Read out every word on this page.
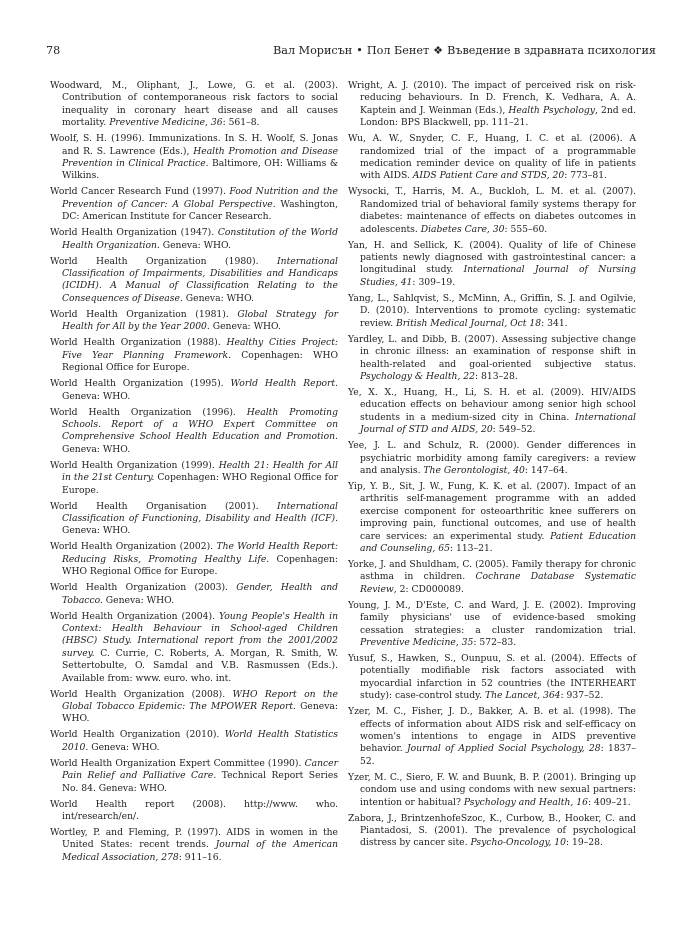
78	Вал Морисън • Пол Бенет ❖ Въведение в здравната психология

Woodward, M., Oliphant, J., Lowe, G. et al. (2003). Contribution of contemporaneous risk factors to social inequality in coronary heart disease and all causes mortality. Preventive Medicine, 36: 561–8.

Woolf, S. H. (1996). Immunizations. In S. H. Woolf, S. Jonas and R. S. Lawrence (Eds.), Health Promotion and Disease Prevention in Clinical Practice. Baltimore, OH: Williams & Wilkins.

World Cancer Research Fund (1997). Food Nutrition and the Prevention of Cancer: A Global Perspective. Washington, DC: American Institute for Cancer Research.

World Health Organization (1947). Constitution of the World Health Organization. Geneva: WHO.

World Health Organization (1980). International Classification of Impairments, Disabilities and Handicaps (ICIDH). A Manual of Classification Relating to the Consequences of Disease. Geneva: WHO.

World Health Organization (1981). Global Strategy for Health for All by the Year 2000. Geneva: WHO.

World Health Organization (1988). Healthy Cities Project: Five Year Planning Framework. Copenhagen: WHO Regional Office for Europe.

World Health Organization (1995). World Health Report. Geneva: WHO.

World Health Organization (1996). Health Promoting Schools. Report of a WHO Expert Committee on Comprehensive School Health Education and Promotion. Geneva: WHO.

World Health Organization (1999). Health 21: Health for All in the 21st Century. Copenhagen: WHO Regional Office for Europe.

World Health Organisation (2001). International Classification of Functioning, Disability and Health (ICF). Geneva: WHO.

World Health Organization (2002). The World Health Report: Reducing Risks, Promoting Healthy Life. Copenhagen: WHO Regional Office for Europe.

World Health Organization (2003). Gender, Health and Tobacco. Geneva: WHO.

World Health Organization (2004). Young People's Health in Context: Health Behaviour in School-aged Children (HBSC) Study. International report from the 2001/2002 survey. C. Currie, C. Roberts, A. Morgan, R. Smith, W. Settertobulte, O. Samdal and V.B. Rasmussen (Eds.). Available from: www. euro. who. int.

World Health Organization (2008). WHO Report on the Global Tobacco Epidemic: The MPOWER Report. Geneva: WHO.

World Health Organization (2010). World Health Statistics 2010. Geneva: WHO.

World Health Organization Expert Committee (1990). Cancer Pain Relief and Palliative Care. Technical Report Series No. 84. Geneva: WHO.

World Health report (2008). http://www. who. int/research/en/.

Wortley, P. and Fleming, P. (1997). AIDS in women in the United States: recent trends. Journal of the American Medical Association, 278: 911–16.

Wright, A. J. (2010). The impact of perceived risk on risk-reducing behaviours. In D. French, K. Vedhara, A. A. Kaptein and J. Weinman (Eds.), Health Psychology, 2nd ed. London: BPS Blackwell, pp. 111–21.

Wu, A. W., Snyder, C. F., Huang, I. C. et al. (2006). A randomized trial of the impact of a programmable medication reminder device on quality of life in patients with AIDS. AIDS Patient Care and STDS, 20: 773–81.

Wysocki, T., Harris, M. A., Buckloh, L. M. et al. (2007). Randomized trial of behavioral family systems therapy for diabetes: maintenance of effects on diabetes outcomes in adolescents. Diabetes Care, 30: 555–60.

Yan, H. and Sellick, K. (2004). Quality of life of Chinese patients newly diagnosed with gastrointestinal cancer: a longitudinal study. International Journal of Nursing Studies, 41: 309–19.

Yang, L., Sahlqvist, S., McMinn, A., Griffin, S. J. and Ogilvie, D. (2010). Interventions to promote cycling: systematic review. British Medical Journal, Oct 18: 341.

Yardley, L. and Dibb, B. (2007). Assessing subjective change in chronic illness: an examination of response shift in health-related and goal-oriented subjective status. Psychology & Health, 22: 813–28.

Ye, X. X., Huang, H., Li, S. H. et al. (2009). HIV/AIDS education effects on behaviour among senior high school students in a medium-sized city in China. International Journal of STD and AIDS, 20: 549–52.

Yee, J. L. and Schulz, R. (2000). Gender differences in psychiatric morbidity among family caregivers: a review and analysis. The Gerontologist, 40: 147–64.

Yip, Y. B., Sit, J. W., Fung, K. K. et al. (2007). Impact of an arthritis self-management programme with an added exercise component for osteoarthritic knee sufferers on improving pain, functional outcomes, and use of health care services: an experimental study. Patient Education and Counseling, 65: 113–21.

Yorke, J. and Shuldham, C. (2005). Family therapy for chronic asthma in children. Cochrane Database Systematic Review, 2: CD000089.

Young, J. M., D'Este, C. and Ward, J. E. (2002). Improving family physicians' use of evidence-based smoking cessation strategies: a cluster randomization trial. Preventive Medicine, 35: 572–83.

Yusuf, S., Hawken, S., Ounpuu, S. et al. (2004). Effects of potentially modifiable risk factors associated with myocardial infarction in 52 countries (the INTERHEART study): case-control study. The Lancet, 364: 937–52.

Yzer, M. C., Fisher, J. D., Bakker, A. B. et al. (1998). The effects of information about AIDS risk and self-efficacy on women's intentions to engage in AIDS preventive behavior. Journal of Applied Social Psychology, 28: 1837–52.

Yzer, M. C., Siero, F. W. and Buunk, B. P. (2001). Bringing up condom use and using condoms with new sexual partners: intention or habitual? Psychology and Health, 16: 409–21.

Zabora, J., BrintzenhofeSzoc, K., Curbow, B., Hooker, C. and Piantadosi, S. (2001). The prevalence of psychological distress by cancer site. Psycho-Oncology, 10: 19–28.
